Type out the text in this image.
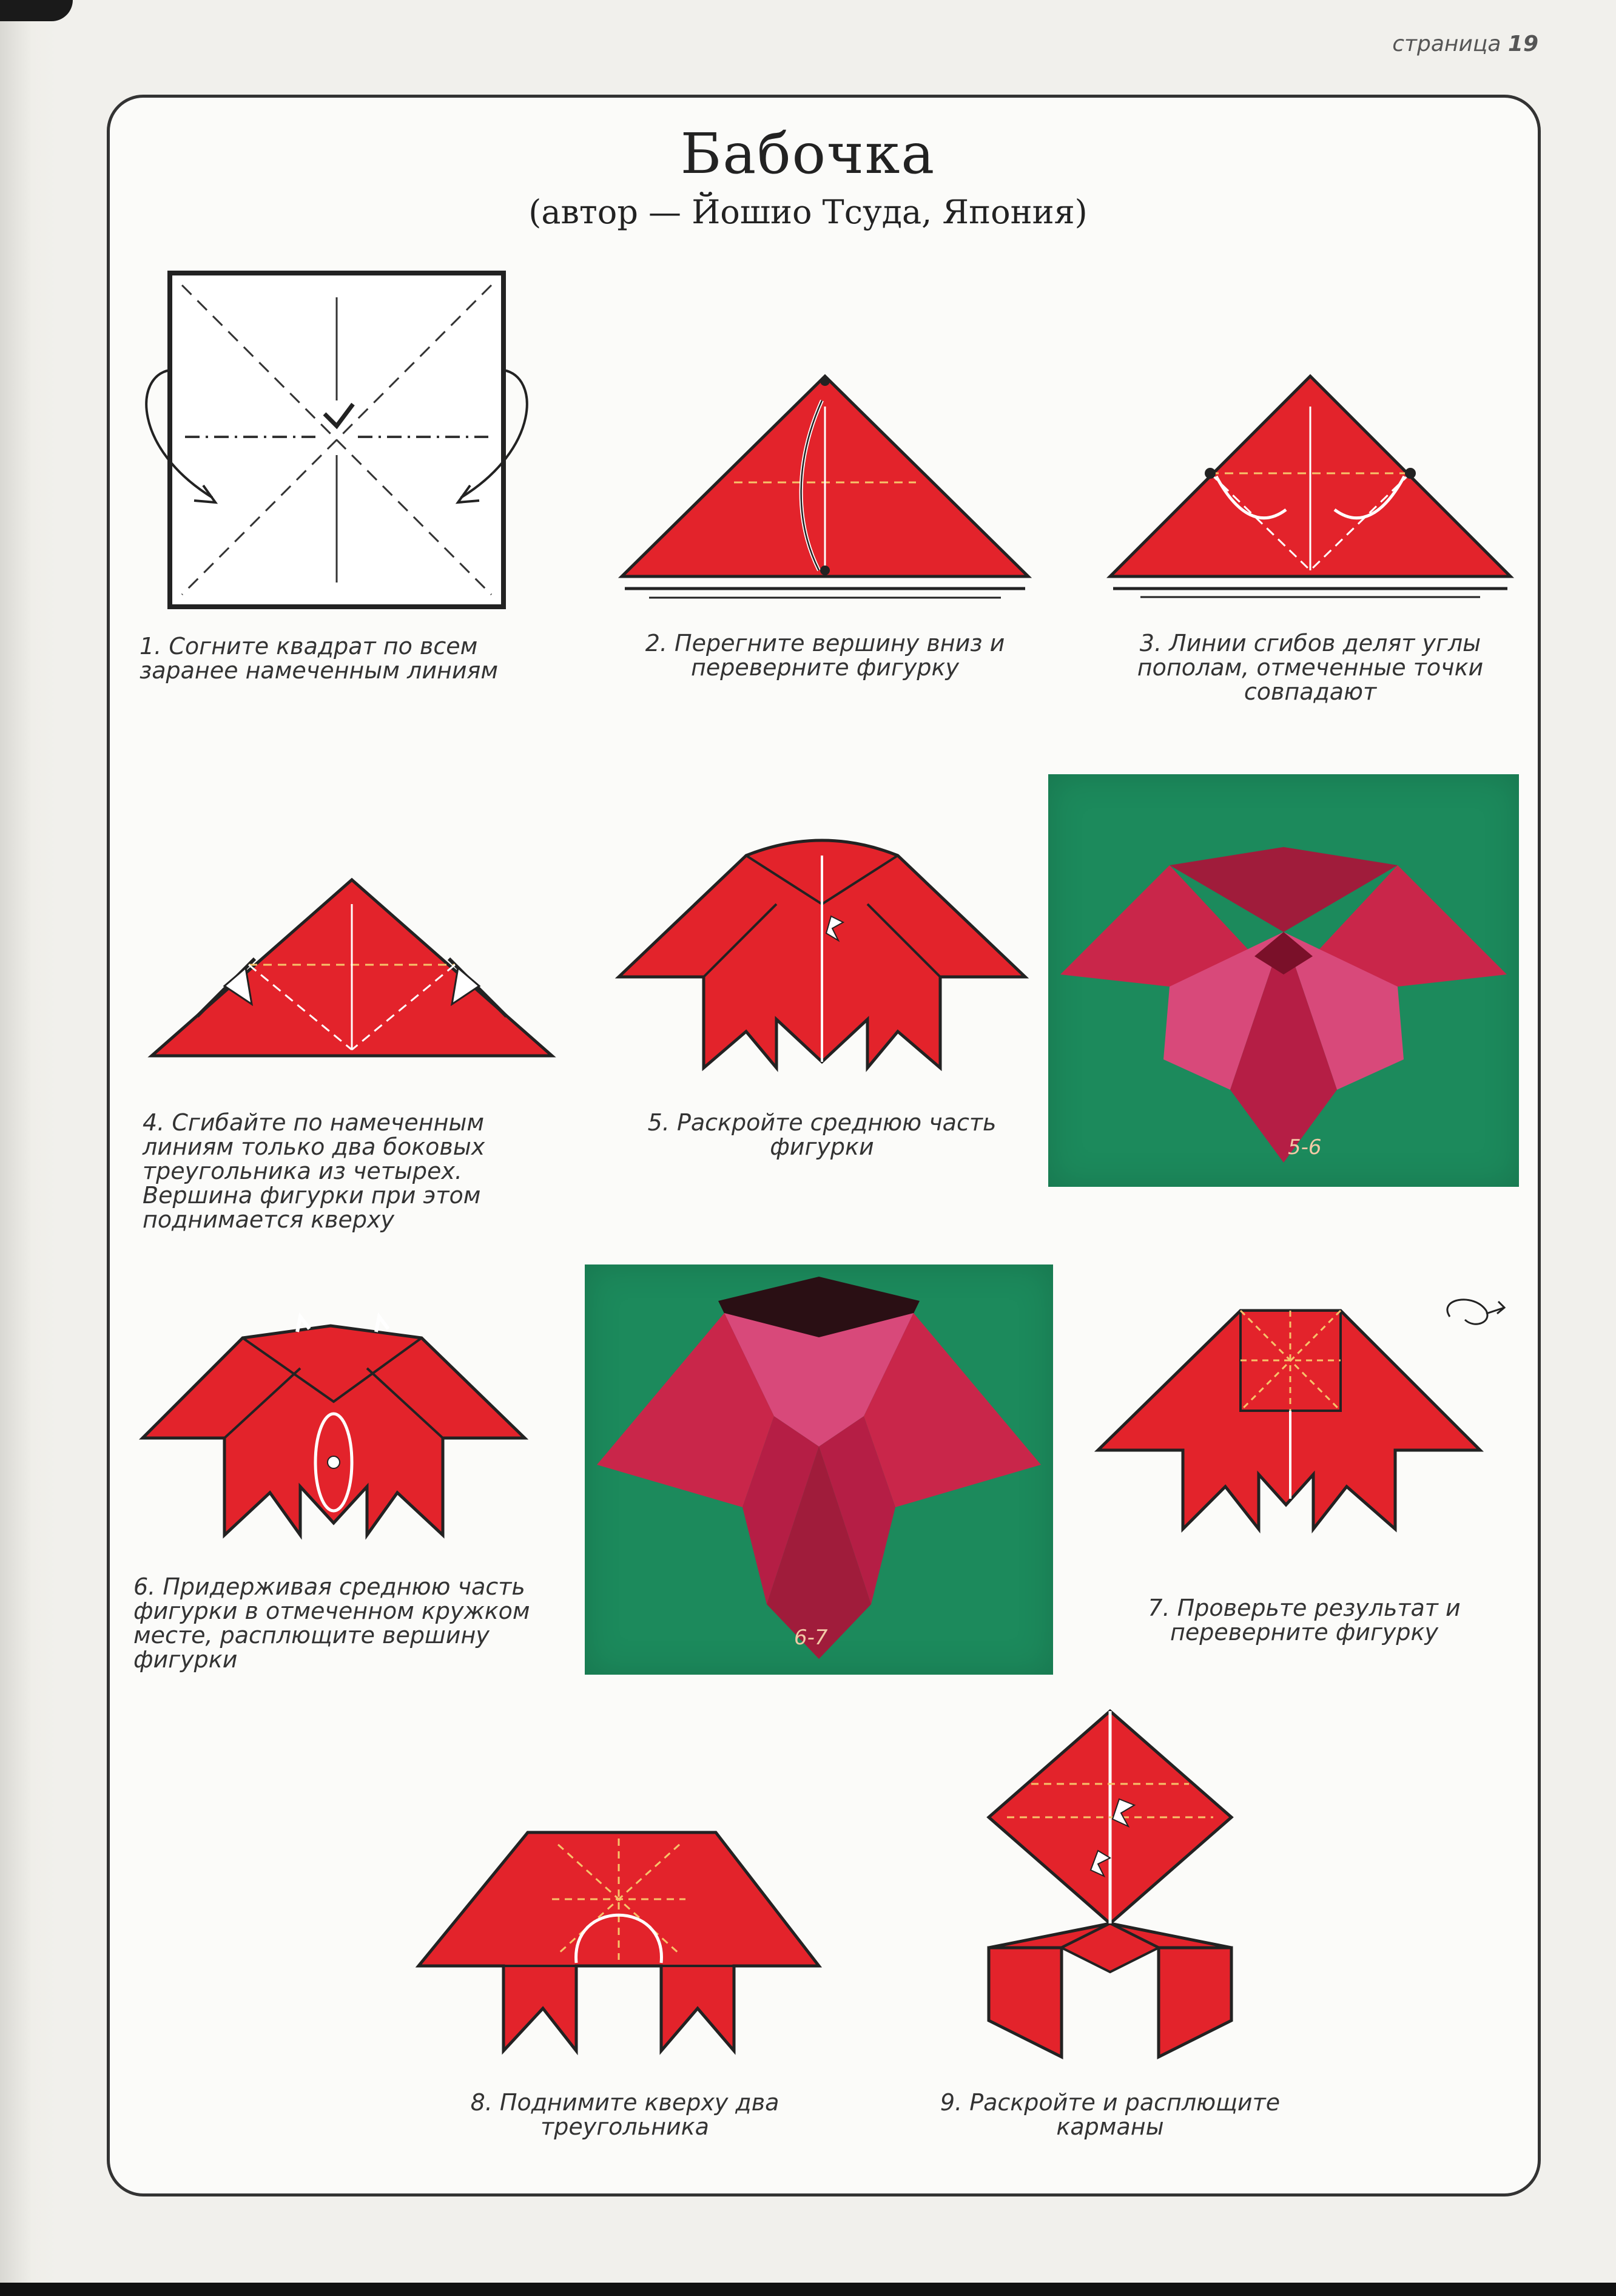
страница 19
Бабочка
(автор — Йошио Тсуда, Япония)
1. Согните квадрат по всем заранее намеченным линиям
2. Перегните вершину вниз и переверните фигурку
3. Линии сгибов делят углы пополам, отмеченные точки совпадают
4. Сгибайте по намеченным линиям только два боковых треугольника из четырех. Вершина фигурки при этом поднимается кверху
5. Раскройте среднюю часть фигурки	5-6
6. Придерживая среднюю часть фигурки в отмеченном кружком месте, расплющите вершину фигурки
6-7
7. Проверьте результат и переверните фигурку
8. Поднимите кверху два треугольника
9. Раскройте и расплющите карманы
